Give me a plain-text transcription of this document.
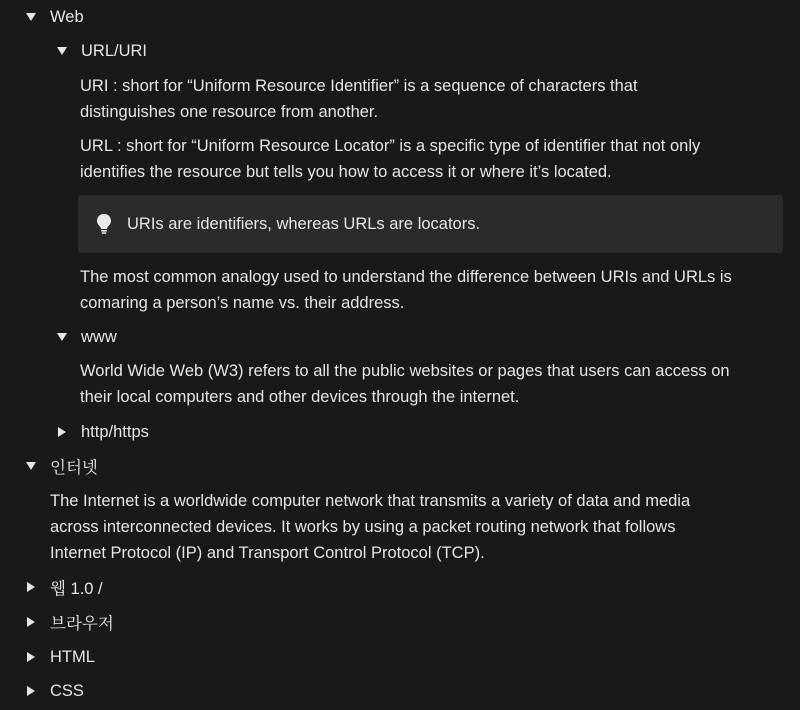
Web
URL/URI
URI : short for “Uniform Resource Identifier” is a sequence of characters that
distinguishes one resource from another.
URL : short for “Uniform Resource Locator” is a specific type of identifier that not only
identifies the resource but tells you how to access it or where it’s located.
URIs are identifiers, whereas URLs are locators.
The most common analogy used to understand the difference between URIs and URLs is
comaring a person’s name vs. their address.
www
World Wide Web (W3) refers to all the public websites or pages that users can access on
their local computers and other devices through the internet.
http/https
인터넷
The Internet is a worldwide computer network that transmits a variety of data and media
across interconnected devices. It works by using a packet routing network that follows
Internet Protocol (IP) and Transport Control Protocol (TCP).
웹 1.0 /
브라우저
HTML
CSS
